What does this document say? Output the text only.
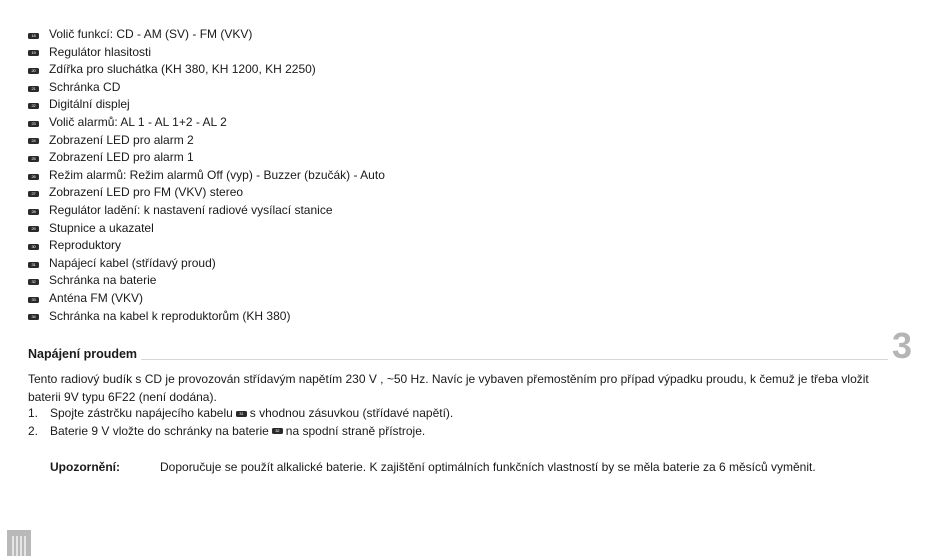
18 Volič funkcí: CD - AM (SV) - FM (VKV)
19 Regulátor hlasitosti
20 Zdířka pro sluchátka (KH 380, KH 1200, KH 2250)
21 Schránka CD
22 Digitální displej
23 Volič alarmů: AL 1 - AL 1+2 - AL 2
24 Zobrazení LED pro alarm 2
25 Zobrazení LED pro alarm 1
26 Režim alarmů: Režim alarmů Off (vyp) - Buzzer (bzučák) - Auto
27 Zobrazení LED pro FM (VKV) stereo
28 Regulátor ladění: k nastavení radiové vysílací stanice
29 Stupnice a ukazatel
30 Reproduktory
31 Napájecí kabel (střídavý proud)
32 Schránka na baterie
33 Anténa FM (VKV)
34 Schránka na kabel k reproduktorům (KH 380)
Napájení proudem	3
Tento radiový budík s CD je provozován střídavým napětím 230 V , ~50 Hz. Navíc je vybaven přemostěním pro případ výpadku proudu, k čemuž je třeba vložit baterii 9V typu 6F22 (není dodána).
1. Spojte zástrčku napájecího kabelu	31 s vhodnou zásuvkou (střídavé napětí).
2. Baterie 9 V vložte do schránky na baterie	32 na spodní straně přístroje.
Upozornění:	Doporučuje se použít alkalické baterie. K zajištění optimálních funkčních vlastností by se měla baterie za 6 měsíců vyměnit.
